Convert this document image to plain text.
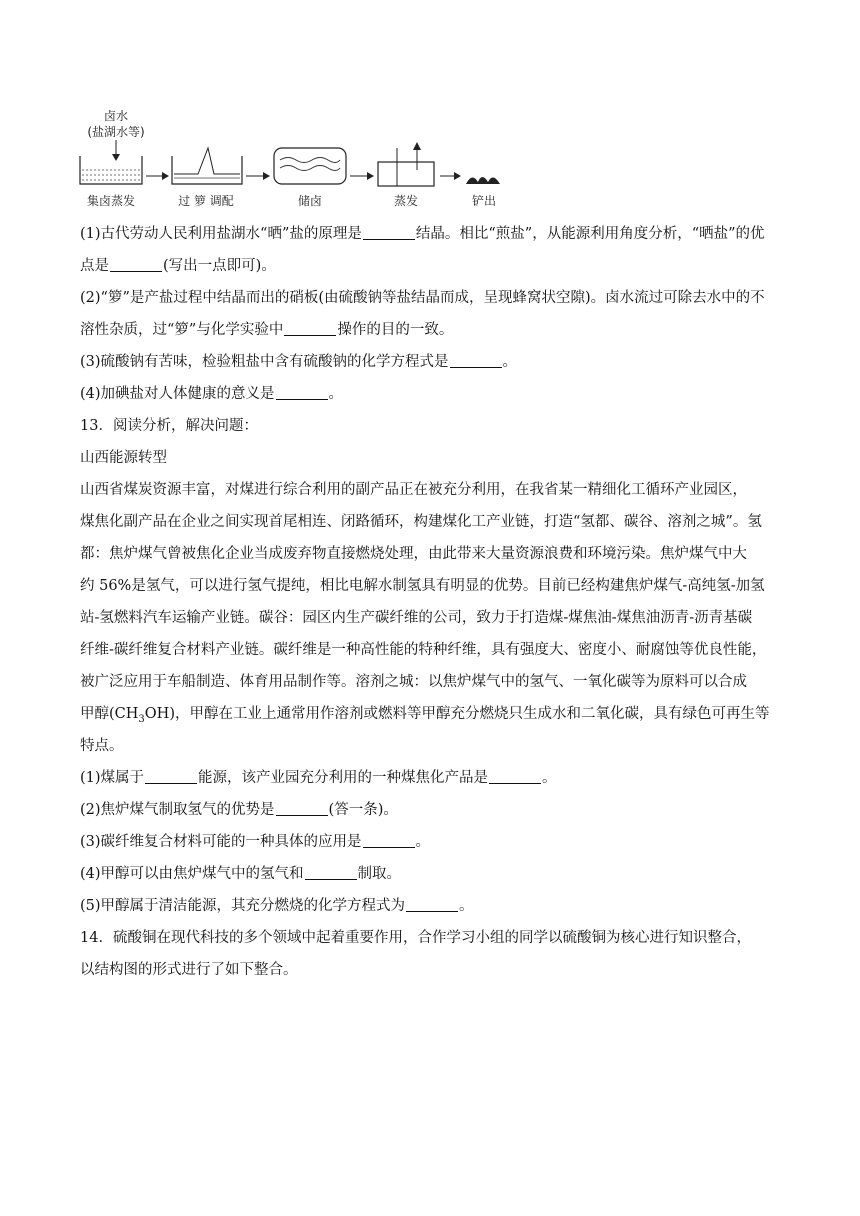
卤水
(盐湖水等)
集卤蒸发	过 箩 调配	储卤	蒸发	铲出
(1)古代劳动人民利用盐湖水“晒”盐的原理是	结晶。相比“煎盐”，从能源利用角度分析，“晒盐”的优
点是	(写出一点即可)。
(2)“箩”是产盐过程中结晶而出的硝板(由硫酸钠等盐结晶而成，呈现蜂窝状空隙)。卤水流过可除去水中的不
溶性杂质，过“箩”与化学实验中	操作的目的一致。
(3)硫酸钠有苦味，检验粗盐中含有硫酸钠的化学方程式是	。
(4)加碘盐对人体健康的意义是	。
13．阅读分析，解决问题：
山西能源转型
山西省煤炭资源丰富，对煤进行综合利用的副产品正在被充分利用，在我省某一精细化工循环产业园区，
煤焦化副产品在企业之间实现首尾相连、闭路循环，构建煤化工产业链，打造“氢都、碳谷、溶剂之城”。氢
都：焦炉煤气曾被焦化企业当成废弃物直接燃烧处理，由此带来大量资源浪费和环境污染。焦炉煤气中大
约 56%是氢气，可以进行氢气提纯，相比电解水制氢具有明显的优势。目前已经构建焦炉煤气-高纯氢-加氢
站-氢燃料汽车运输产业链。碳谷：园区内生产碳纤维的公司，致力于打造煤-煤焦油-煤焦油沥青-沥青基碳
纤维-碳纤维复合材料产业链。碳纤维是一种高性能的特种纤维，具有强度大、密度小、耐腐蚀等优良性能，
被广泛应用于车船制造、体育用品制作等。溶剂之城：以焦炉煤气中的氢气、一氧化碳等为原料可以合成
甲醇$(CH_3OH)$，甲醇在工业上通常用作溶剂或燃料等甲醇充分燃烧只生成水和二氧化碳，具有绿色可再生等
特点。
(1)煤属于	能源，该产业园充分利用的一种煤焦化产品是	。
(2)焦炉煤气制取氢气的优势是	(答一条)。
(3)碳纤维复合材料可能的一种具体的应用是	。
(4)甲醇可以由焦炉煤气中的氢气和	制取。
(5)甲醇属于清洁能源，其充分燃烧的化学方程式为	。
14．硫酸铜在现代科技的多个领域中起着重要作用，合作学习小组的同学以硫酸铜为核心进行知识整合，
以结构图的形式进行了如下整合。
